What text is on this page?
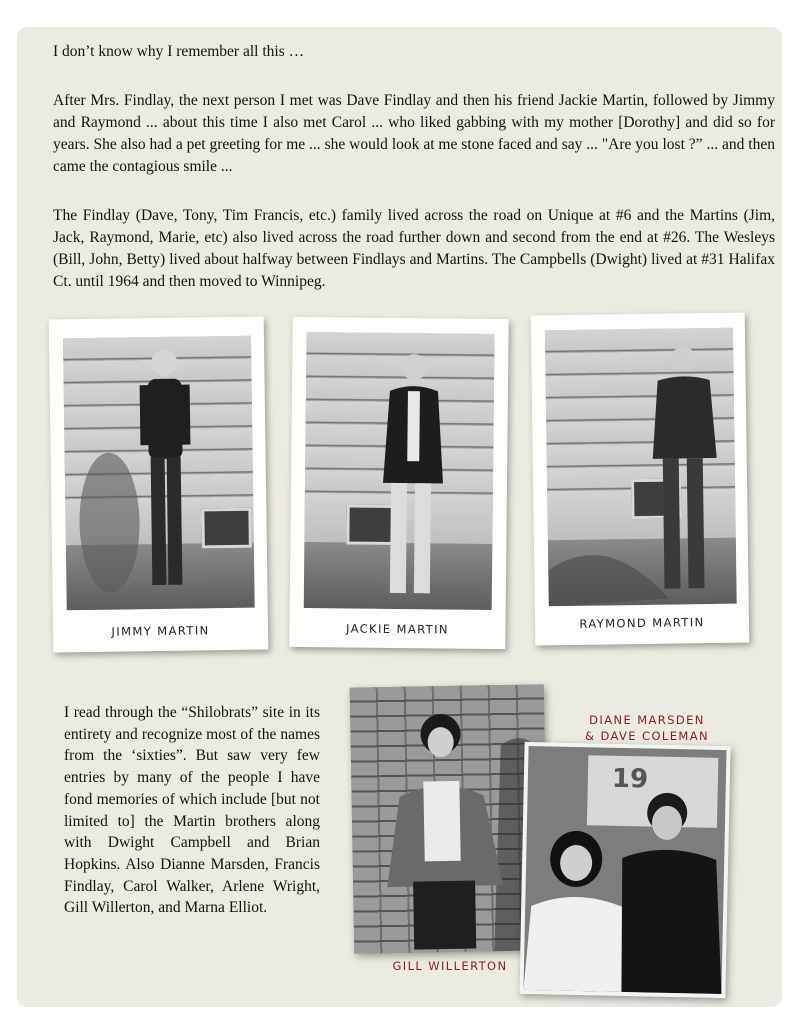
I don’t know why I remember all this …

After Mrs. Findlay, the next person I met was Dave Findlay and then his friend Jackie Martin, followed by Jimmy and Raymond ... about this time I also met Carol ... who liked gabbing with my mother [Dorothy] and did so for years. She also had a pet greeting for me ... she would look at me stone faced and say ... "Are you lost ?” ... and then came the contagious smile ...

The Findlay (Dave, Tony, Tim Francis, etc.) family lived across the road on Unique at #6 and the Martins (Jim, Jack, Raymond, Marie, etc) also lived across the road further down and second from the end at #26. The Wesleys (Bill, John, Betty) lived about halfway between Findlays and Martins. The Campbells (Dwight) lived at #31 Halifax Ct. until 1964 and then moved to Winnipeg.

JIMMY MARTIN	JACKIE MARTIN	RAYMOND MARTIN

I read through the “Shilobrats” site in its entirety and recognize most of the names from the ‘sixties”. But saw very few entries by many of the people I have fond memories of which include [but not limited to] the Martin brothers along with Dwight Campbell and Brian Hopkins. Also Dianne Marsden, Francis Findlay, Carol Walker, Arlene Wright, Gill Willerton, and Marna Elliot.

GILL WILLERTON
19
DIANE MARSDEN
& DAVE COLEMAN
